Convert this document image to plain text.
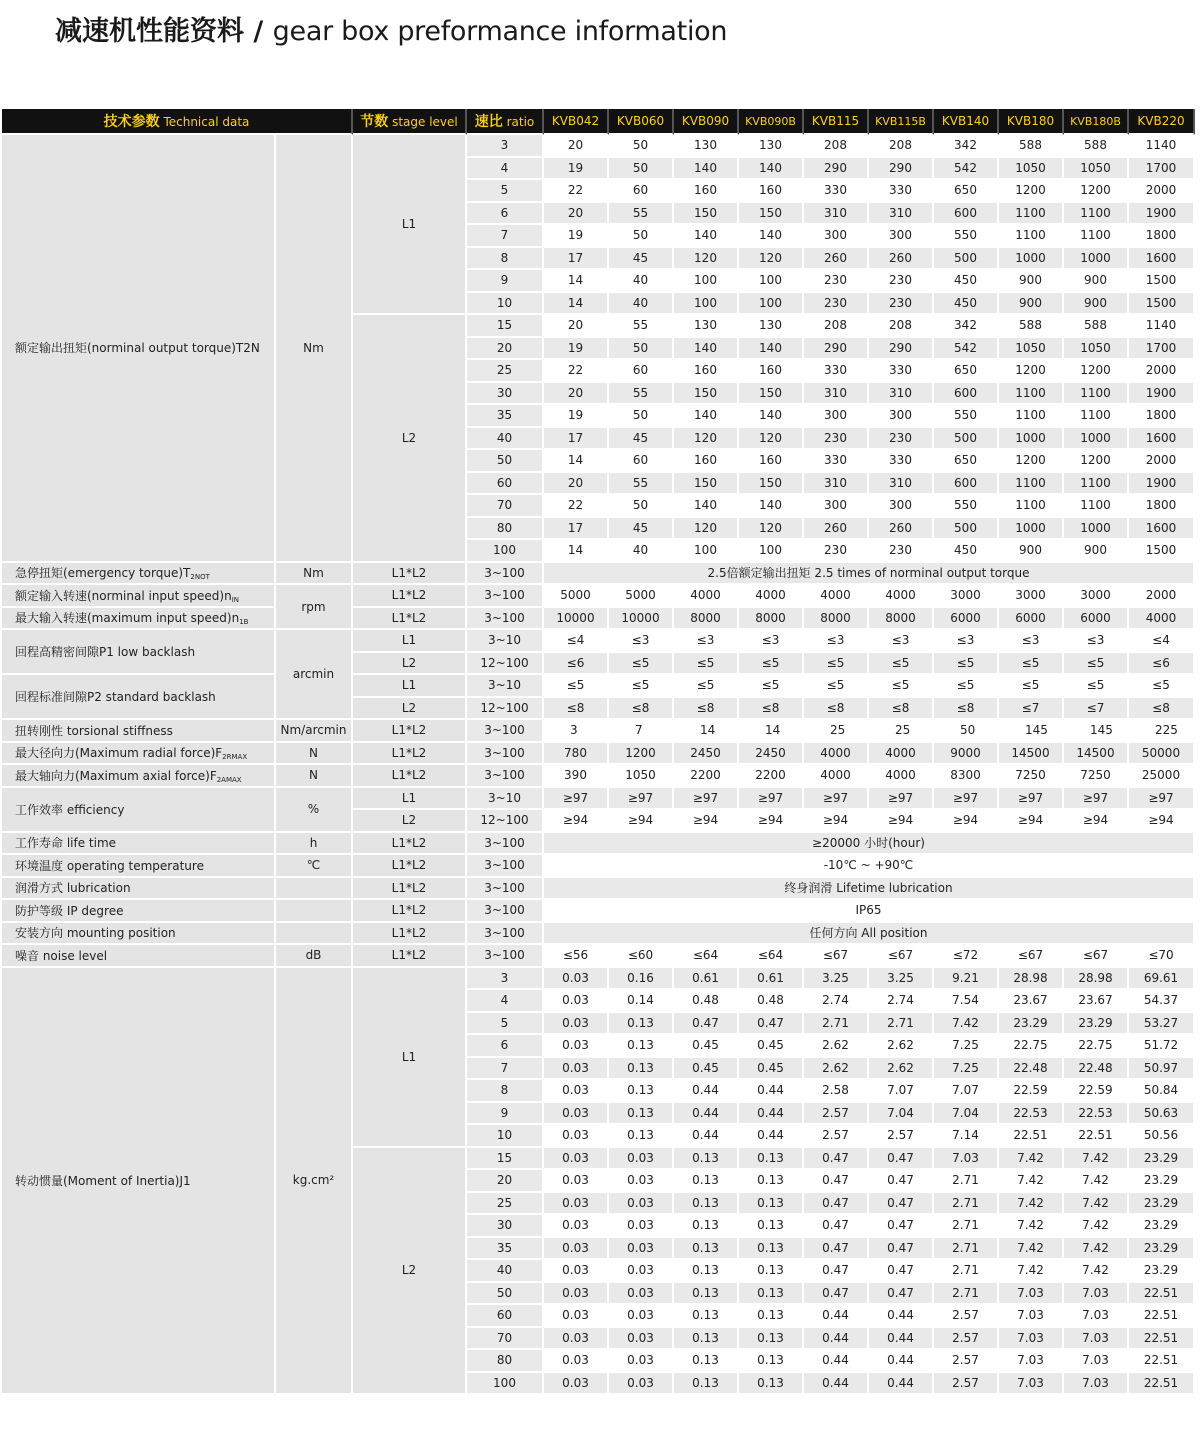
减速机性能资料 / gear box preformance information
技术参数 Technical data		节数 stage level	速比 ratio	KVB042	KVB060	KVB090	KVB090B	KVB115	KVB115B	KVB140	KVB180	KVB180B	KVB220
额定输出扭矩(norminal output torque)T2N	Nm	L1	3	20	50	130	130	208	208	342	588	588	1140
			4	19	50	140	140	290	290	542	1050	1050	1700
			5	22	60	160	160	330	330	650	1200	1200	2000
			6	20	55	150	150	310	310	600	1100	1100	1900
			7	19	50	140	140	300	300	550	1100	1100	1800
			8	17	45	120	120	260	260	500	1000	1000	1600
			9	14	40	100	100	230	230	450	900	900	1500
			10	14	40	100	100	230	230	450	900	900	1500
		L2	15	20	55	130	130	208	208	342	588	588	1140
			20	19	50	140	140	290	290	542	1050	1050	1700
			25	22	60	160	160	330	330	650	1200	1200	2000
			30	20	55	150	150	310	310	600	1100	1100	1900
			35	19	50	140	140	300	300	550	1100	1100	1800
			40	17	45	120	120	230	230	500	1000	1000	1600
			50	14	60	160	160	330	330	650	1200	1200	2000
			60	20	55	150	150	310	310	600	1100	1100	1900
			70	22	50	140	140	300	300	550	1100	1100	1800
			80	17	45	120	120	260	260	500	1000	1000	1600
			100	14	40	100	100	230	230	450	900	900	1500
急停扭矩(emergency $torque)T_{2NOT}$	Nm	L1*L2	3~100	2.5倍额定输出扭矩 2.5 times of norminal output torque									
额定输入转速(norminal input $speed)n_{IN}$	rpm	L1*L2	3~100	5000	5000	4000	4000	4000	4000	3000	3000	3000	2000
最大输入转速(maximum input $speed)n_{1B}$		L1*L2	3~100	10000	10000	8000	8000	8000	8000	6000	6000	6000	4000
回程高精密间隙P1 low backlash	arcmin	L1	3~10	≤4	≤3	≤3	≤3	≤3	≤3	≤3	≤3	≤3	≤4
		L2	12~100	≤6	≤5	≤5	≤5	≤5	≤5	≤5	≤5	≤5	≤6
回程标准间隙P2 standard backlash		L1	3~10	≤5	≤5	≤5	≤5	≤5	≤5	≤5	≤5	≤5	≤5
		L2	12~100	≤8	≤8	≤8	≤8	≤8	≤8	≤8	≤7	≤7	≤8
扭转刚性 torsional stiffness	Nm/arcmin	L1*L2	3~100	3	7	14	14	25	25	50	145	145	225
最大径向力(Maximum radial $force)F_{2RMAX}$	N	L1*L2	3~100	780	1200	2450	2450	4000	4000	9000	14500	14500	50000
最大轴向力(Maximum axial $force)F_{2AMAX}$	N	L1*L2	3~100	390	1050	2200	2200	4000	4000	8300	7250	7250	25000
工作效率 efficiency	%	L1	3~10	≥97	≥97	≥97	≥97	≥97	≥97	≥97	≥97	≥97	≥97
		L2	12~100	≥94	≥94	≥94	≥94	≥94	≥94	≥94	≥94	≥94	≥94
工作寿命 life time	h	L1*L2	3~100	≥20000 小时(hour)									
环境温度 operating temperature	℃	L1*L2	3~100	-10℃ ~ +90℃									
润滑方式 lubrication		L1*L2	3~100	终身润滑 Lifetime lubrication									
防护等级 IP degree		L1*L2	3~100	IP65									
安装方向 mounting position		L1*L2	3~100	任何方向 All position									
噪音 noise level	dB	L1*L2	3~100	≤56	≤60	≤64	≤64	≤67	≤67	≤72	≤67	≤67	≤70
转动惯量(Moment of Inertia)J1	kg.cm²	L1	3	0.03	0.16	0.61	0.61	3.25	3.25	9.21	28.98	28.98	69.61
			4	0.03	0.14	0.48	0.48	2.74	2.74	7.54	23.67	23.67	54.37
			5	0.03	0.13	0.47	0.47	2.71	2.71	7.42	23.29	23.29	53.27
			6	0.03	0.13	0.45	0.45	2.62	2.62	7.25	22.75	22.75	51.72
			7	0.03	0.13	0.45	0.45	2.62	2.62	7.25	22.48	22.48	50.97
			8	0.03	0.13	0.44	0.44	2.58	7.07	7.07	22.59	22.59	50.84
			9	0.03	0.13	0.44	0.44	2.57	7.04	7.04	22.53	22.53	50.63
			10	0.03	0.13	0.44	0.44	2.57	2.57	7.14	22.51	22.51	50.56
		L2	15	0.03	0.03	0.13	0.13	0.47	0.47	7.03	7.42	7.42	23.29
			20	0.03	0.03	0.13	0.13	0.47	0.47	2.71	7.42	7.42	23.29
			25	0.03	0.03	0.13	0.13	0.47	0.47	2.71	7.42	7.42	23.29
			30	0.03	0.03	0.13	0.13	0.47	0.47	2.71	7.42	7.42	23.29
			35	0.03	0.03	0.13	0.13	0.47	0.47	2.71	7.42	7.42	23.29
			40	0.03	0.03	0.13	0.13	0.47	0.47	2.71	7.42	7.42	23.29
			50	0.03	0.03	0.13	0.13	0.47	0.47	2.71	7.03	7.03	22.51
			60	0.03	0.03	0.13	0.13	0.44	0.44	2.57	7.03	7.03	22.51
			70	0.03	0.03	0.13	0.13	0.44	0.44	2.57	7.03	7.03	22.51
			80	0.03	0.03	0.13	0.13	0.44	0.44	2.57	7.03	7.03	22.51
			100	0.03	0.03	0.13	0.13	0.44	0.44	2.57	7.03	7.03	22.51
